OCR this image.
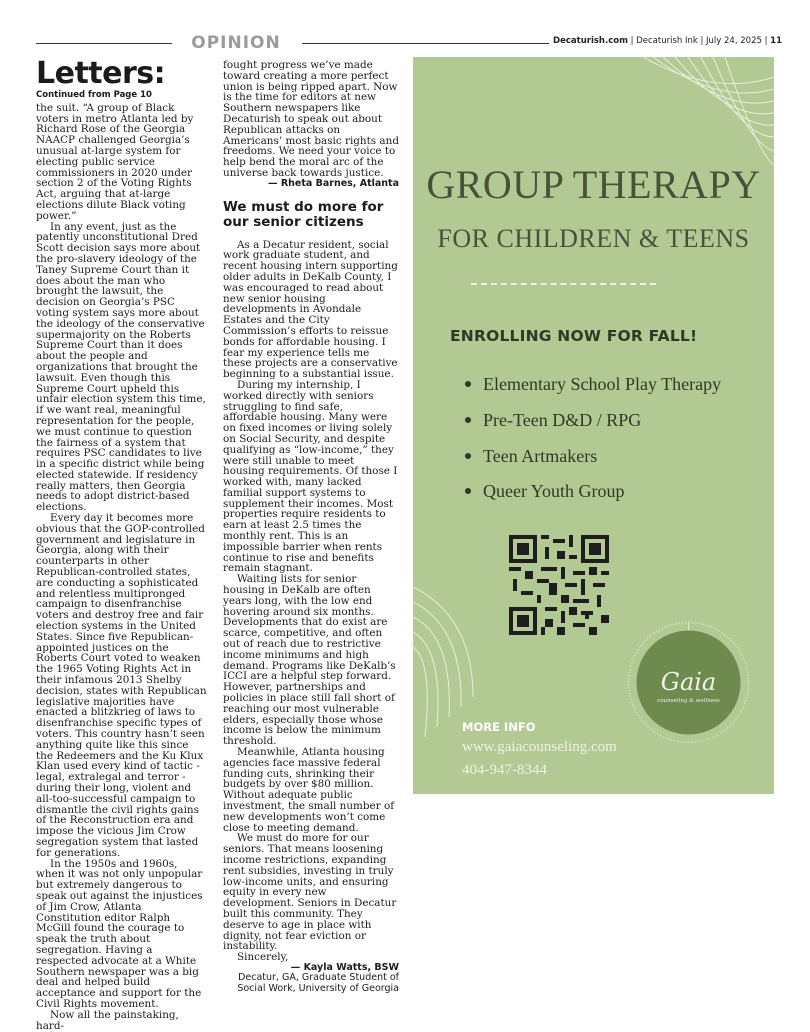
OPINION	Decaturish.com | Decaturish Ink | July 24, 2025 | 11
Letters:

Continued from Page 10

the suit. “A group of Black voters in metro Atlanta led by Richard Rose of the Georgia NAACP challenged Georgia’s unusual at-large system for electing public service commissioners in 2020 under section 2 of the Voting Rights Act, arguing that at-large elections dilute Black voting power.”

In any event, just as the patently unconstitutional Dred Scott decision says more about the pro-slavery ideology of the Taney Supreme Court than it does about the man who brought the lawsuit, the decision on Georgia’s PSC voting system says more about the ideology of the conservative supermajority on the Roberts Supreme Court than it does about the people and organizations that brought the lawsuit. Even though this Supreme Court upheld this unfair election system this time, if we want real, meaningful representation for the people, we must continue to question the fairness of a system that requires PSC candidates to live in a specific district while being elected statewide. If residency really matters, then Georgia needs to adopt district-based elections.

Every day it becomes more obvious that the GOP-controlled government and legislature in Georgia, along with their counterparts in other Republican-controlled states, are conducting a sophisticated and relentless multipronged campaign to disenfranchise voters and destroy free and fair election systems in the United States. Since five Republican-appointed justices on the Roberts Court voted to weaken the 1965 Voting Rights Act in their infamous 2013 Shelby decision, states with Republican legislative majorities have enacted a blitzkrieg of laws to disenfranchise specific types of voters. This country hasn’t seen anything quite like this since the Redeemers and the Ku Klux Klan used every kind of tactic - legal, extralegal and terror - during their long, violent and all-too-successful campaign to dismantle the civil rights gains of the Reconstruction era and impose the vicious Jim Crow segregation system that lasted for generations.

In the 1950s and 1960s, when it was not only unpopular but extremely dangerous to speak out against the injustices of Jim Crow, Atlanta Constitution editor Ralph McGill found the courage to speak the truth about segregation. Having a respected advocate at a White Southern newspaper was a big deal and helped build acceptance and support for the Civil Rights movement.

Now all the painstaking, hard-

fought progress we’ve made toward creating a more perfect union is being ripped apart. Now is the time for editors at new Southern newspapers like Decaturish to speak out about Republican attacks on Americans’ most basic rights and freedoms. We need your voice to help bend the moral arc of the universe back towards justice.

— Rheta Barnes, Atlanta

We must do more for our senior citizens

As a Decatur resident, social work graduate student, and recent housing intern supporting older adults in DeKalb County, I was encouraged to read about new senior housing developments in Avondale Estates and the City Commission’s efforts to reissue bonds for affordable housing. I fear my experience tells me these projects are a conservative beginning to a substantial issue.

During my internship, I worked directly with seniors struggling to find safe, affordable housing. Many were on fixed incomes or living solely on Social Security, and despite qualifying as “low-income,” they were still unable to meet housing requirements. Of those I worked with, many lacked familial support systems to supplement their incomes. Most properties require residents to earn at least 2.5 times the monthly rent. This is an impossible barrier when rents continue to rise and benefits remain stagnant.

Waiting lists for senior housing in DeKalb are often years long, with the low end hovering around six months. Developments that do exist are scarce, competitive, and often out of reach due to restrictive income minimums and high demand. Programs like DeKalb’s ICCI are a helpful step forward. However, partnerships and policies in place still fall short of reaching our most vulnerable elders, especially those whose income is below the minimum threshold.

Meanwhile, Atlanta housing agencies face massive federal funding cuts, shrinking their budgets by over $80 million. Without adequate public investment, the small number of new developments won’t come close to meeting demand.

We must do more for our seniors. That means loosening income restrictions, expanding rent subsidies, investing in truly low-income units, and ensuring equity in every new development. Seniors in Decatur built this community. They deserve to age in place with dignity, not fear eviction or instability.

Sincerely,

— Kayla Watts, BSW
Decatur, GA, Graduate Student of
Social Work, University of Georgia
GROUP THERAPY
FOR CHILDREN & TEENS
ENROLLING NOW FOR FALL!
Elementary School Play Therapy
Pre-Teen D&D / RPG
Teen Artmakers
Queer Youth Group
Gaia
counseling & wellness
MORE INFO
www.gaiacounseling.com
404-947-8344
